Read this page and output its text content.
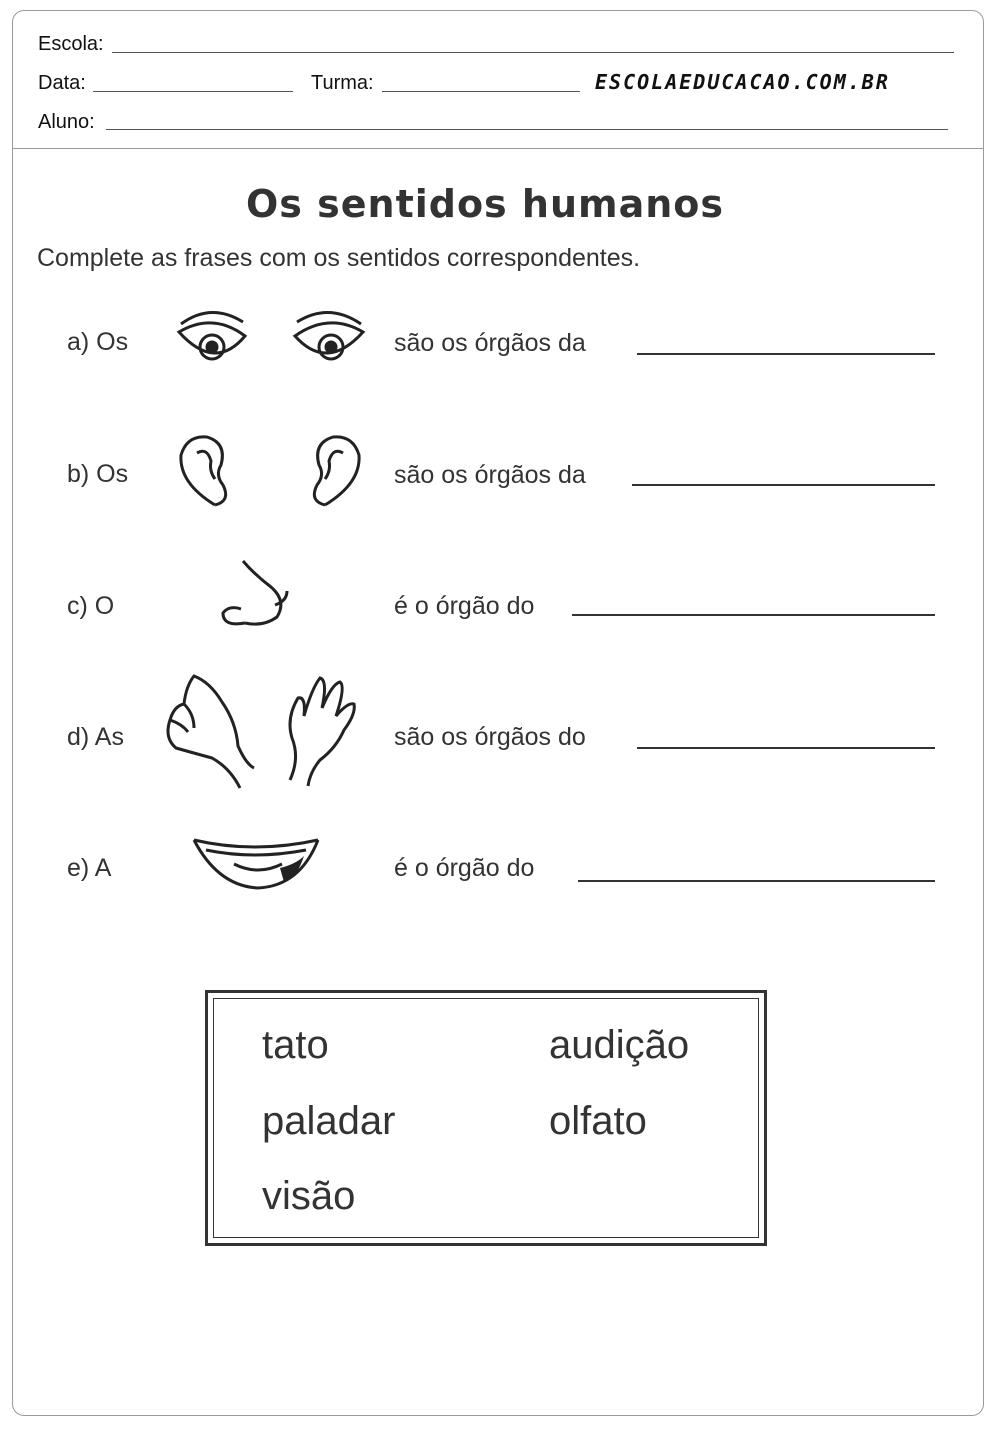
Escola:
Data:	Turma:	ESCOLAEDUCACAO.COM.BR
Aluno:
Os sentidos humanos
Complete as frases com os sentidos correspondentes.
a) Os	são os órgãos da
b) Os	são os órgãos da
c) O	é o órgão do
d) As	são os órgãos do
e) A	é o órgão do
tato	audição
paladar	olfato
visão
